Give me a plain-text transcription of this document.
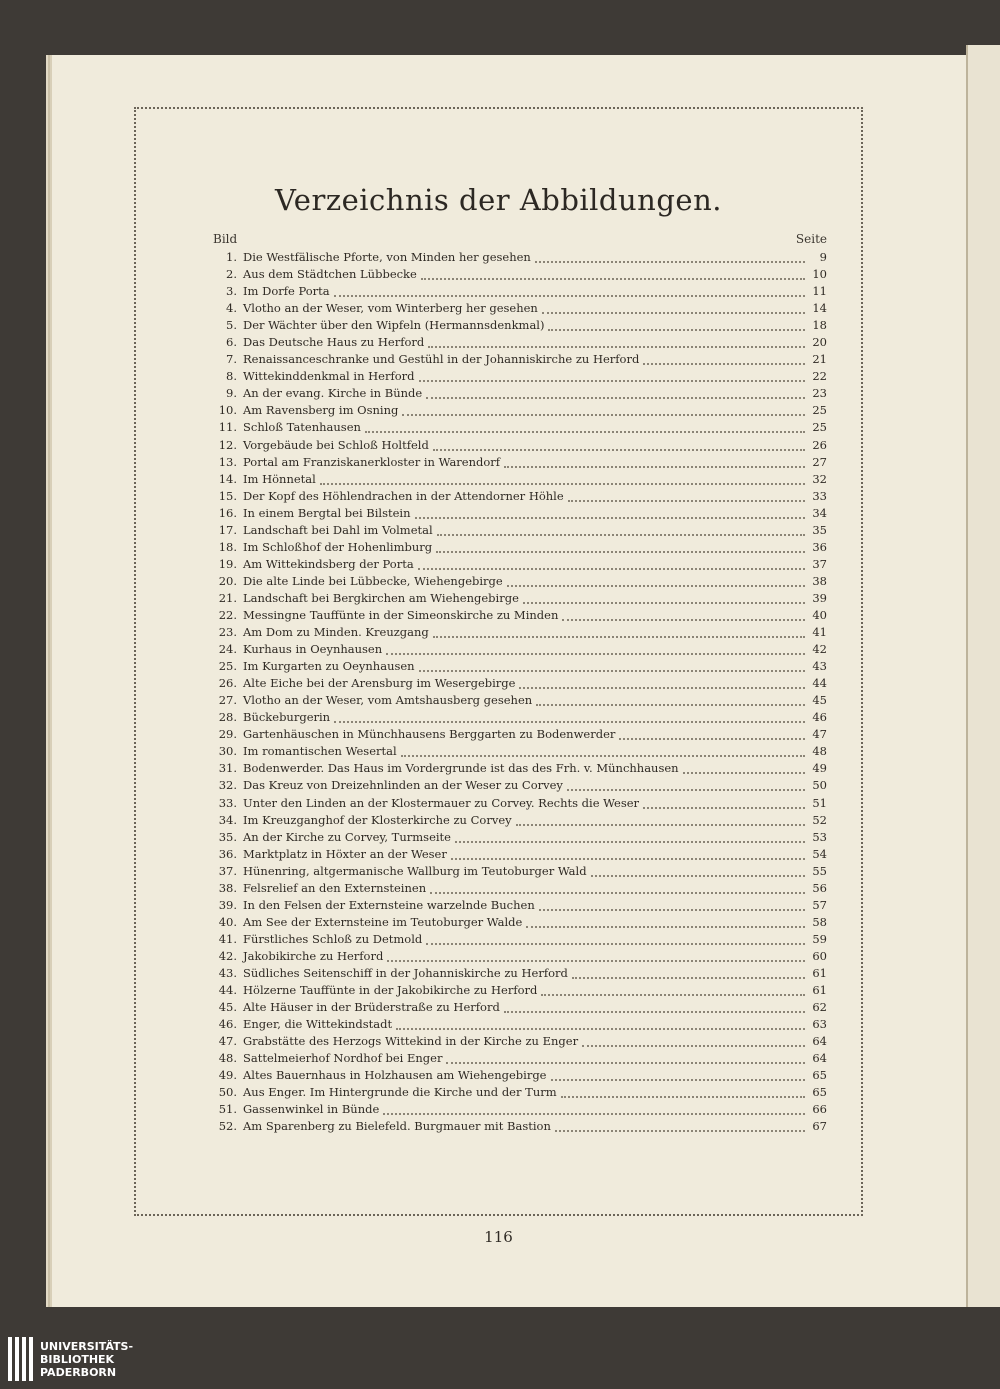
Verzeichnis der Abbildungen.
Bild	Seite
1. Die Westfälische Pforte, von Minden her gesehen	9
2. Aus dem Städtchen Lübbecke	10
3. Im Dorfe Porta	11
4. Vlotho an der Weser, vom Winterberg her gesehen	14
5. Der Wächter über den Wipfeln (Hermannsdenkmal)	18
6. Das Deutsche Haus zu Herford	20
7. Renaissanceschranke und Gestühl in der Johanniskirche zu Herford	21
8. Wittekinddenkmal in Herford	22
9. An der evang. Kirche in Bünde	23
10. Am Ravensberg im Osning	25
11. Schloß Tatenhausen	25
12. Vorgebäude bei Schloß Holtfeld	26
13. Portal am Franziskanerkloster in Warendorf	27
14. Im Hönnetal	32
15. Der Kopf des Höhlendrachen in der Attendorner Höhle	33
16. In einem Bergtal bei Bilstein	34
17. Landschaft bei Dahl im Volmetal	35
18. Im Schloßhof der Hohenlimburg	36
19. Am Wittekindsberg der Porta	37
20. Die alte Linde bei Lübbecke, Wiehengebirge	38
21. Landschaft bei Bergkirchen am Wiehengebirge	39
22. Messingne Tauffünte in der Simeonskirche zu Minden	40
23. Am Dom zu Minden. Kreuzgang	41
24. Kurhaus in Oeynhausen	42
25. Im Kurgarten zu Oeynhausen	43
26. Alte Eiche bei der Arensburg im Wesergebirge	44
27. Vlotho an der Weser, vom Amtshausberg gesehen	45
28. Bückeburgerin	46
29. Gartenhäuschen in Münchhausens Berggarten zu Bodenwerder	47
30. Im romantischen Wesertal	48
31. Bodenwerder. Das Haus im Vordergrunde ist das des Frh. v. Münchhausen	49
32. Das Kreuz von Dreizehnlinden an der Weser zu Corvey	50
33. Unter den Linden an der Klostermauer zu Corvey. Rechts die Weser	51
34. Im Kreuzganghof der Klosterkirche zu Corvey	52
35. An der Kirche zu Corvey, Turmseite	53
36. Marktplatz in Höxter an der Weser	54
37. Hünenring, altgermanische Wallburg im Teutoburger Wald	55
38. Felsrelief an den Externsteinen	56
39. In den Felsen der Externsteine warzelnde Buchen	57
40. Am See der Externsteine im Teutoburger Walde	58
41. Fürstliches Schloß zu Detmold	59
42. Jakobikirche zu Herford	60
43. Südliches Seitenschiff in der Johanniskirche zu Herford	61
44. Hölzerne Tauffünte in der Jakobikirche zu Herford	61
45. Alte Häuser in der Brüderstraße zu Herford	62
46. Enger, die Wittekindstadt	63
47. Grabstätte des Herzogs Wittekind in der Kirche zu Enger	64
48. Sattelmeierhof Nordhof bei Enger	64
49. Altes Bauernhaus in Holzhausen am Wiehengebirge	65
50. Aus Enger. Im Hintergrunde die Kirche und der Turm	65
51. Gassenwinkel in Bünde	66
52. Am Sparenberg zu Bielefeld. Burgmauer mit Bastion	67
116
UNIVERSITÄTS-
BIBLIOTHEK
PADERBORN
